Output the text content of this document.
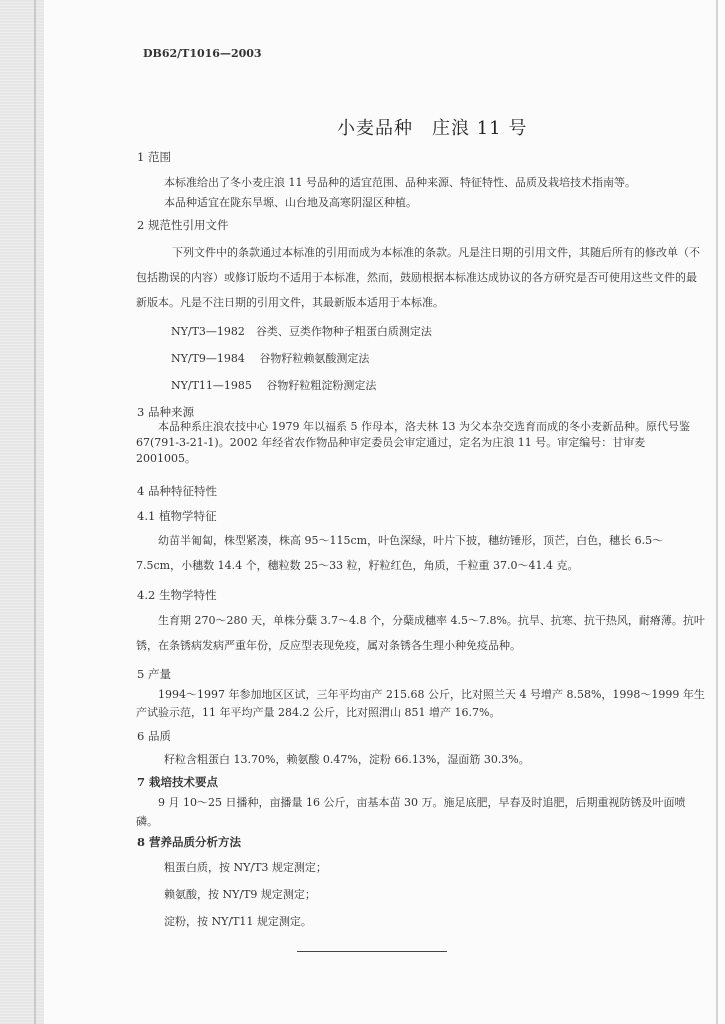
DB62/T1016—2003
小麦品种　庄浪 11 号
1 范围
本标准给出了冬小麦庄浪 11 号品种的适宜范围、品种来源、特征特性、品质及栽培技术指南等。
本品种适宜在陇东旱塬、山台地及高寒阴湿区种植。
2 规范性引用文件
下列文件中的条款通过本标准的引用而成为本标准的条款。凡是注日期的引用文件，其随后所有的修改单（不包括勘误的内容）或修订版均不适用于本标准，然而，鼓励根据本标准达成协议的各方研究是否可使用这些文件的最新版本。凡是不注日期的引用文件，其最新版本适用于本标准。
NY/T3—1982　谷类、豆类作物种子粗蛋白质测定法
NY/T9—1984　 谷物籽粒赖氨酸测定法
NY/T11—1985　 谷物籽粒粗淀粉测定法
3 品种来源
本品种系庄浪农技中心 1979 年以福系 5 作母本，洛夫林 13 为父本杂交选育而成的冬小麦新品种。原代号鉴 67(791-3-21-1)。2002 年经省农作物品种审定委员会审定通过，定名为庄浪 11 号。审定编号：甘审麦 2001005。
4 品种特征特性
4.1 植物学特征
幼苗半匍匐，株型紧凑，株高 95～115cm，叶色深绿，叶片下披，穗纺锤形，顶芒，白色，穗长 6.5～7.5cm，小穗数 14.4 个，穗粒数 25～33 粒，籽粒红色，角质，千粒重 37.0～41.4 克。
4.2 生物学特性
生育期 270～280 天，单株分蘖 3.7～4.8 个，分蘖成穗率 4.5～7.8%。抗旱、抗寒、抗干热风，耐瘠薄。抗叶锈，在条锈病发病严重年份，反应型表现免疫，属对条锈各生理小种免疫品种。
5 产量
1994～1997 年参加地区区试，三年平均亩产 215.68 公斤，比对照兰天 4 号增产 8.58%，1998～1999 年生产试验示范，11 年平均产量 284.2 公斤，比对照渭山 851 增产 16.7%。
6 品质
籽粒含粗蛋白 13.70%，赖氨酸 0.47%，淀粉 66.13%，湿面筋 30.3%。
7 栽培技术要点
9 月 10～25 日播种，亩播量 16 公斤，亩基本苗 30 万。施足底肥，早春及时追肥，后期重视防锈及叶面喷磷。
8 营养品质分析方法
粗蛋白质，按 NY/T3 规定测定；
赖氨酸，按 NY/T9 规定测定；
淀粉，按 NY/T11 规定测定。
